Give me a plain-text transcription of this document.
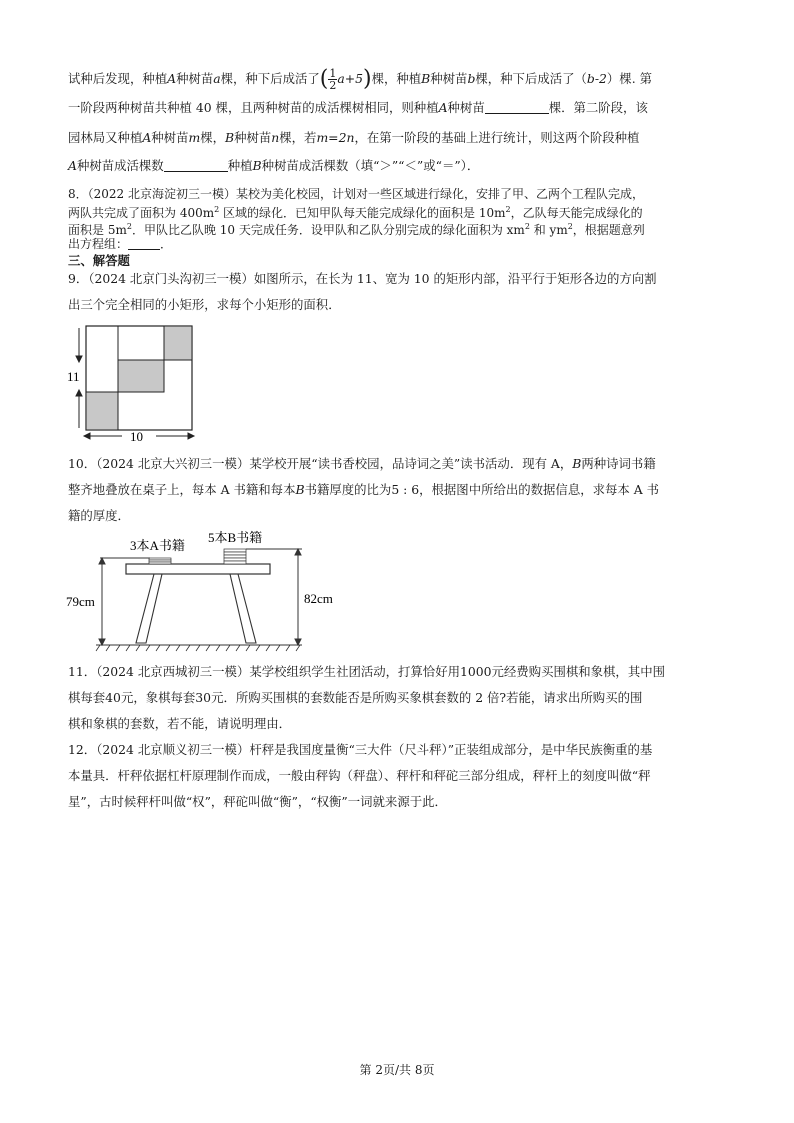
试种后发现，种植A种树苗a棵，种下后成活了( $\frac{1}{2} a+5$)棵，种植B种树苗b棵，种下后成活了（b-2）棵. 第
一阶段两种树苗共种植 40 棵，且两种树苗的成活棵树相同，则种植A种树苗	棵．第二阶段，该
园林局又种植A种树苗m棵，B种树苗n棵，若m=2n，在第一阶段的基础上进行统计，则这两个阶段种植
A种树苗成活棵数	种植B种树苗成活棵数（填“＞”“＜”或“＝”）．
8．（2022 北京海淀初三一模）某校为美化校园，计划对一些区域进行绿化，安排了甲、乙两个工程队完成，
两队共完成了面积为 $400m^2$ 区域的绿化．已知甲队每天能完成绿化的面积是 $10m^2$，乙队每天能完成绿化的
面积是 $5m^2$．甲队比乙队晚 10 天完成任务．设甲队和乙队分别完成的绿化面积为 $xm^2$ 和 $ym^2$，根据题意列
出方程组：	．
三、解答题
9．（2024 北京门头沟初三一模）如图所示，在长为 11、宽为 10 的矩形内部，沿平行于矩形各边的方向割
出三个完全相同的小矩形，求每个小矩形的面积．
11
10
10．（2024 北京大兴初三一模）某学校开展“读书香校园，品诗词之美”读书活动．现有 A，B两种诗词书籍
整齐地叠放在桌子上，每本 A 书籍和每本B书籍厚度的比为5 : 6，根据图中所给出的数据信息，求每本 A 书
籍的厚度．
3本A书籍
5本B书籍
79cm	82cm
11．（2024 北京西城初三一模）某学校组织学生社团活动，打算恰好用1000元经费购买围棋和象棋，其中围
棋每套40元，象棋每套30元．所购买围棋的套数能否是所购买象棋套数的 2 倍?若能，请求出所购买的围
棋和象棋的套数，若不能，请说明理由．
12．（2024 北京顺义初三一模）杆秤是我国度量衡“三大件（尺斗秤）”正装组成部分，是中华民族衡重的基
本量具．杆秤依据杠杆原理制作而成，一般由秤钩（秤盘）、秤杆和秤砣三部分组成，秤杆上的刻度叫做“秤
星”，古时候秤杆叫做“权”，秤砣叫做“衡”，“权衡”一词就来源于此．
第 2页/共 8页
